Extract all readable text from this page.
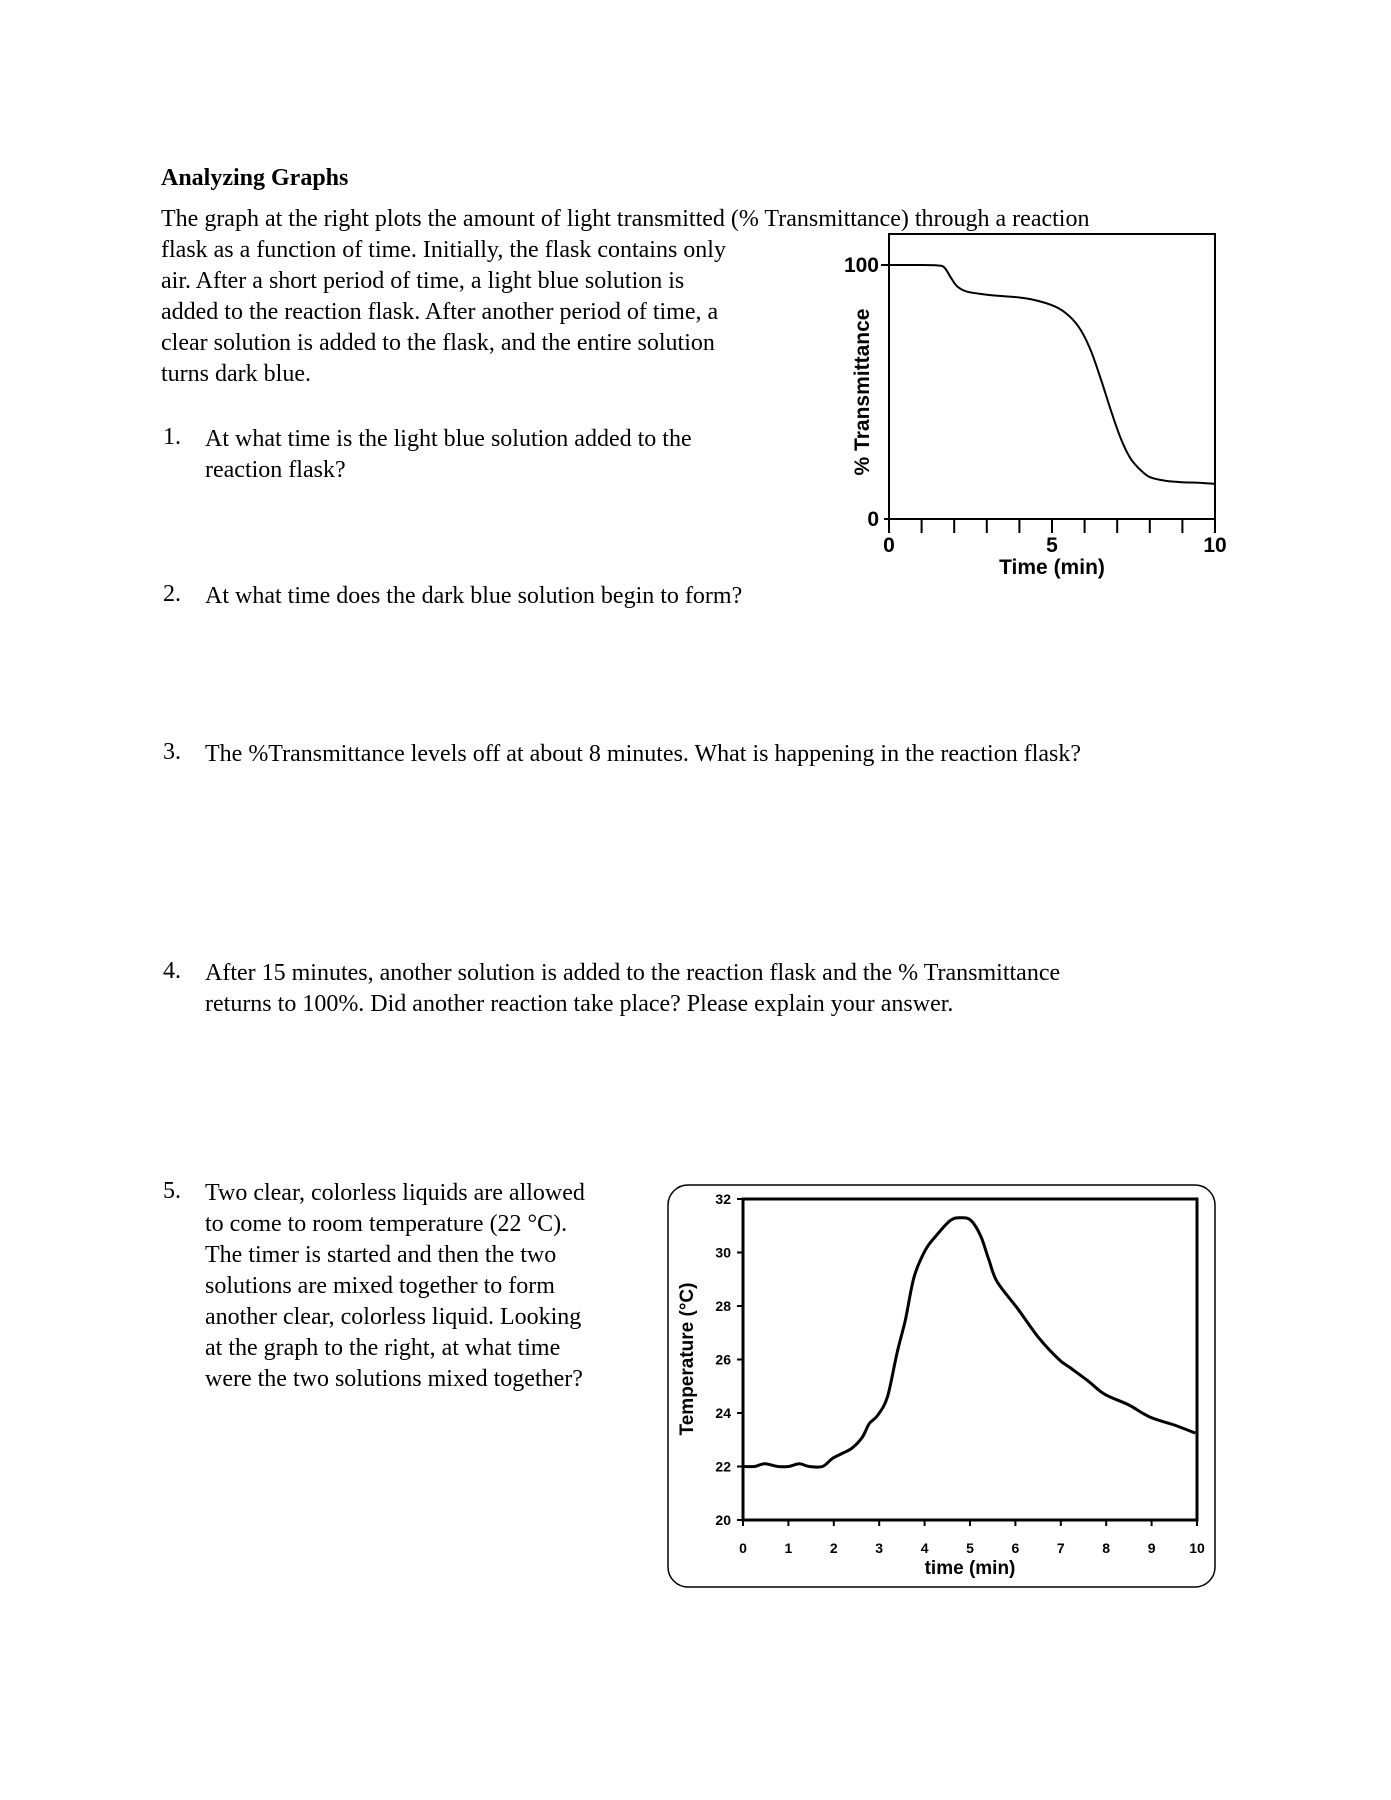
Analyzing Graphs
The graph at the right plots the amount of light transmitted (% Transmittance) through a reaction
flask as a function of time. Initially, the flask contains only
air. After a short period of time, a light blue solution is
added to the reaction flask. After another period of time, a
clear solution is added to the flask, and the entire solution
turns dark blue.
1. At what time is the light blue solution added to the
reaction flask?
2. At what time does the dark blue solution begin to form?
3. The %Transmittance levels off at about 8 minutes. What is happening in the reaction flask?
4. After 15 minutes, another solution is added to the reaction flask and the % Transmittance
returns to 100%. Did another reaction take place? Please explain your answer.
5. Two clear, colorless liquids are allowed
to come to room temperature (22 °C).
The timer is started and then the two
solutions are mixed together to form
another clear, colorless liquid. Looking
at the graph to the right, at what time
were the two solutions mixed together?
0	5	10
0
100
Time (min)
% Transmittance
20
22
24
26
28
30
32
0	1	2	3	4	5	6	7	8	9 10
time (min)
Temperature (°C)
